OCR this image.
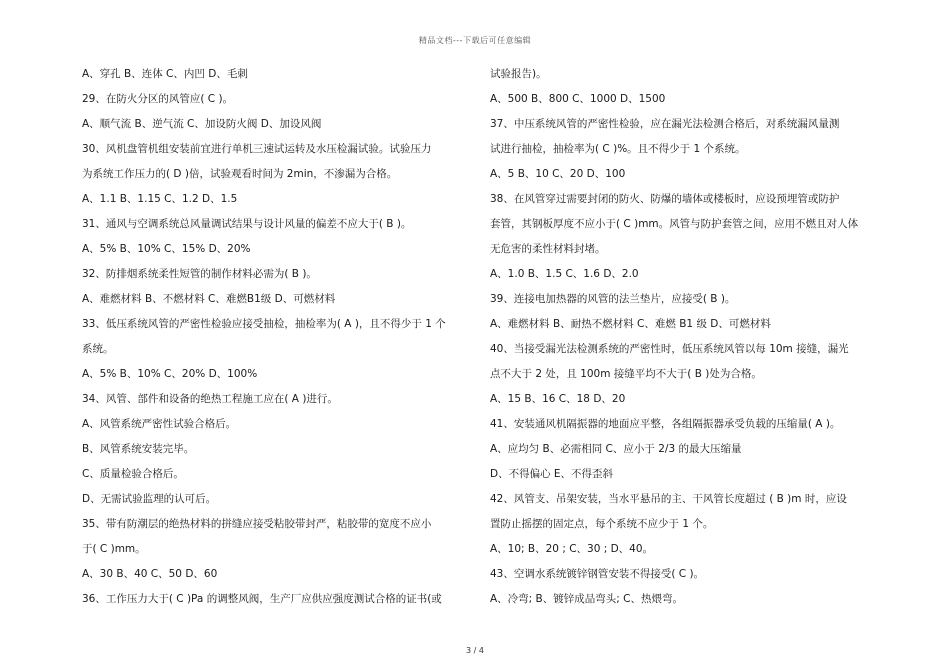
精品文档---下载后可任意编辑
A、穿孔 B、连体 C、内凹 D、毛刺
29、在防火分区的风管应( C )。
A、顺气流 B、逆气流 C、加设防火阀 D、加设风阀
30、风机盘管机组安装前宜进行单机三速试运转及水压检漏试验。试验压力
为系统工作压力的( D )倍，试验观看时间为 2min，不渗漏为合格。
A、1.1 B、1.15 C、1.2 D、1.5
31、通风与空调系统总风量调试结果与设计风量的偏差不应大于( B )。
A、5% B、10% C、15% D、20%
32、防排烟系统柔性短管的制作材料必需为( B )。
A、难燃材料 B、不燃材料 C、难燃B1级 D、可燃材料
33、低压系统风管的严密性检验应接受抽检，抽检率为( A )，且不得少于 1 个
系统。
A、5% B、10% C、20% D、100%
34、风管、部件和设备的绝热工程施工应在( A )进行。
A、风管系统严密性试验合格后。
B、风管系统安装完毕。
C、质量检验合格后。
D、无需试验监理的认可后。
35、带有防潮层的绝热材料的拼缝应接受粘胶带封严，粘胶带的宽度不应小
于( C )mm。
A、30 B、40 C、50 D、60
36、工作压力大于( C )Pa 的调整风阀，生产厂应供应强度测试合格的证书(或
试验报告)。
A、500 B、800 C、1000 D、1500
37、中压系统风管的严密性检验，应在漏光法检测合格后，对系统漏风量测
试进行抽检，抽检率为( C )%。且不得少于 1 个系统。
A、5 B、10 C、20 D、100
38、在风管穿过需要封闭的防火、防爆的墙体或楼板时，应设预埋管或防护
套管，其钢板厚度不应小于( C )mm。风管与防护套管之间，应用不燃且对人体
无危害的柔性材料封堵。
A、1.0 B、1.5 C、1.6 D、2.0
39、连接电加热器的风管的法兰垫片，应接受( B )。
A、难燃材料 B、耐热不燃材料 C、难燃 B1 级 D、可燃材料
40、当接受漏光法检测系统的严密性时，低压系统风管以每 10m 接缝，漏光
点不大于 2 处，且 100m 接缝平均不大于( B )处为合格。
A、15 B、16 C、18 D、20
41、安装通风机隔振器的地面应平整，各组隔振器承受负载的压缩量( A )。
A、应均匀 B、必需相同 C、应小于 2/3 的最大压缩量
D、不得偏心 E、不得歪斜
42、风管支、吊架安装，当水平悬吊的主、干风管长度超过 ( B )m 时，应设
置防止摇摆的固定点，每个系统不应少于 1 个。
A、10; B、20 ; C、30 ; D、40。
43、空调水系统镀锌钢管安装不得接受( C )。
A、冷弯; B、镀锌成品弯头; C、热煨弯。
3 / 4
